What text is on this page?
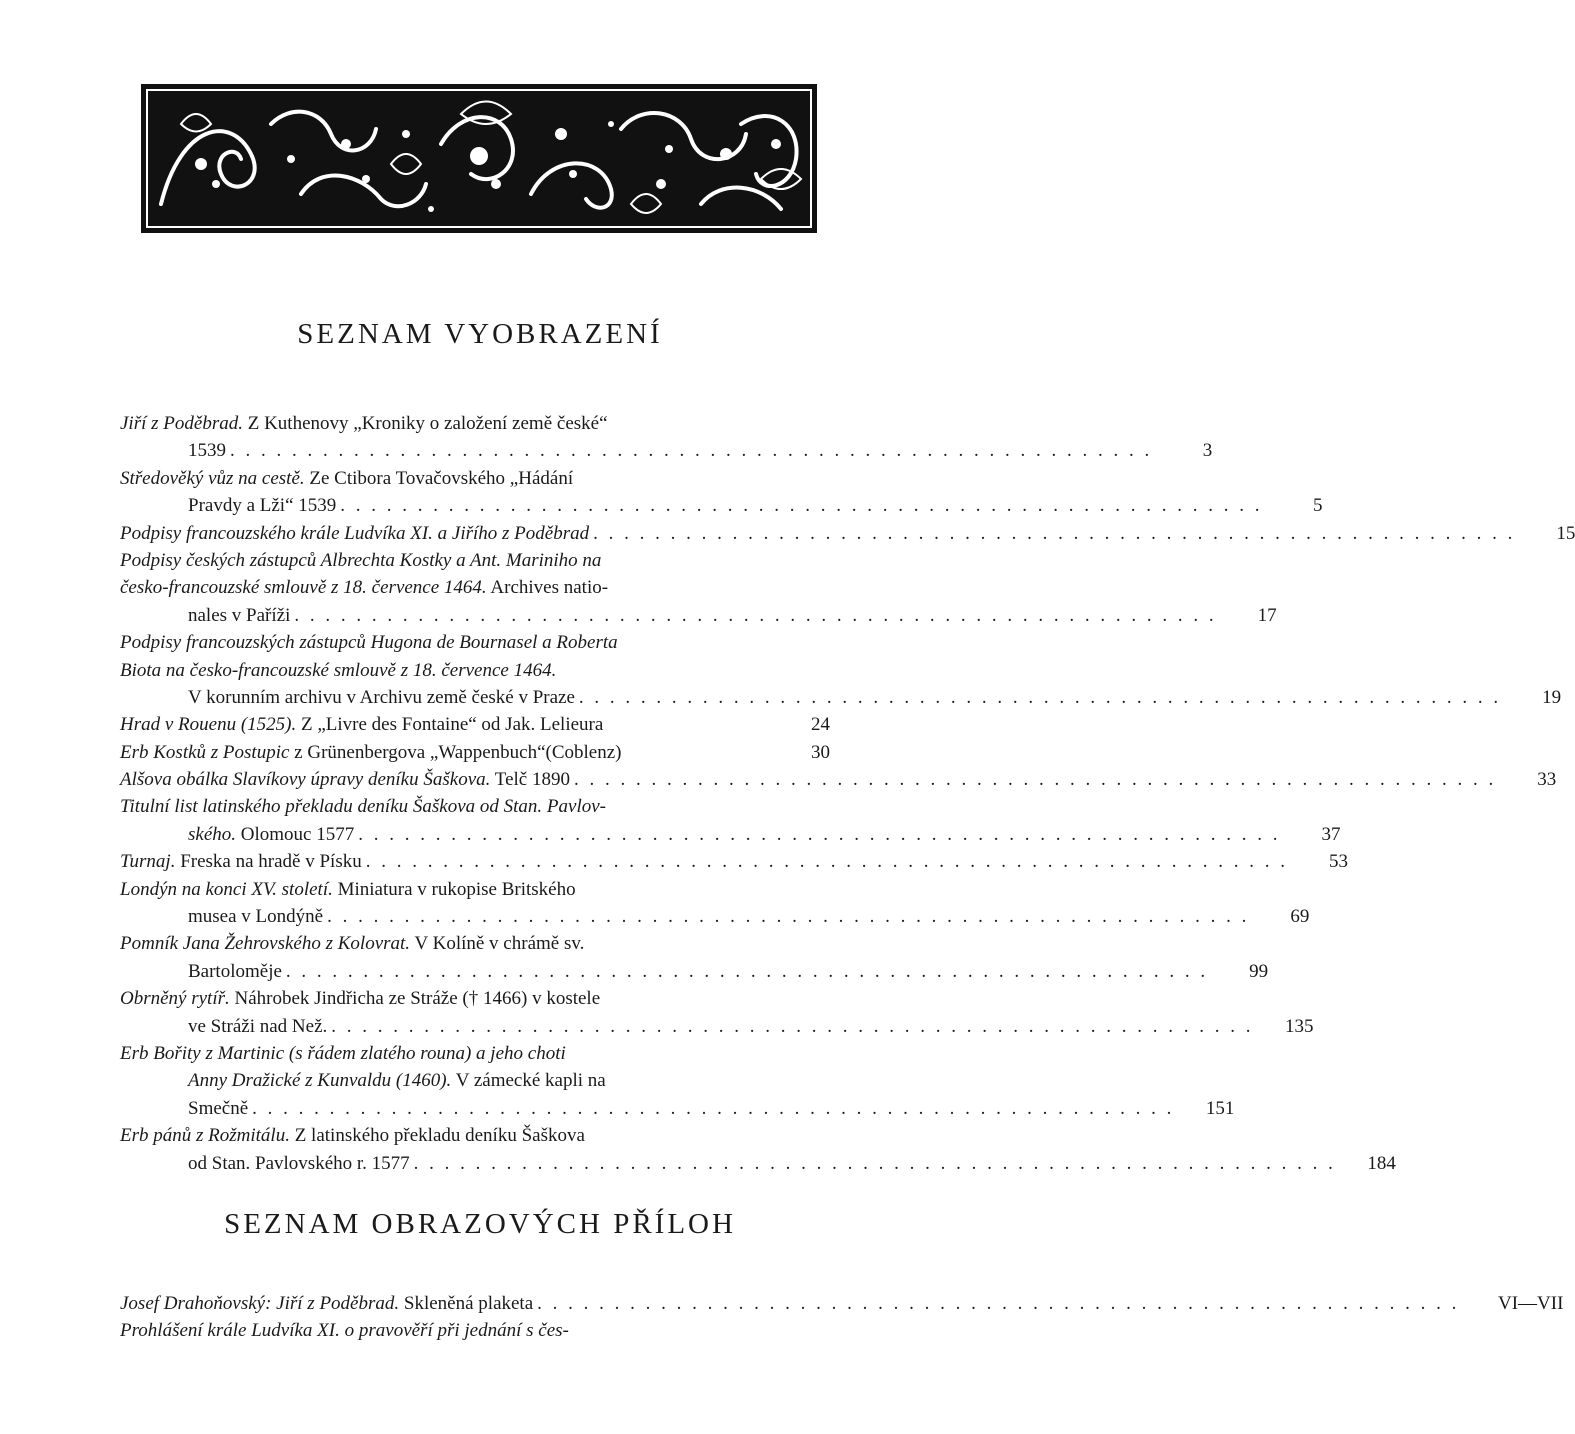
SEZNAM VYOBRAZENÍ
Jiří z Poděbrad. Z Kuthenovy „Kroniky o založení země české“
1539 . . . . . . . . . . . . . . . . . . . . . . . . . . . . . . . . . . . . . . . . . . . . . . . . . . . . . . . . . . . .	3
Středověký vůz na cestě. Ze Ctibora Tovačovského „Hádání
Pravdy a Lži“ 1539 . . . . . . . . . . . . . . . . . . . . . . . . . . . . . . . . . . . . . . . . . . . . . . . . . . . . . . . . . . . .	5
Podpisy francouzského krále Ludvíka XI. a Jiřího z Poděbrad . . . . . . . . . . . . . . . . . . . . . . . . . . . . . . . . . . . . . . . . . . . . . . . . . . . . . . . . . . . .	15
Podpisy českých zástupců Albrechta Kostky a Ant. Mariniho na
česko-francouzské smlouvě z 18. července 1464. Archives natio-
nales v Paříži . . . . . . . . . . . . . . . . . . . . . . . . . . . . . . . . . . . . . . . . . . . . . . . . . . . . . . . . . . . .	17
Podpisy francouzských zástupců Hugona de Bournasel a Roberta
Biota na česko-francouzské smlouvě z 18. července 1464.
V korunním archivu v Archivu země české v Praze . . . . . . . . . . . . . . . . . . . . . . . . . . . . . . . . . . . . . . . . . . . . . . . . . . . . . . . . . . . .	19
Hrad v Rouenu (1525). Z „Livre des Fontaine“ od Jak. Lelieura	24
Erb Kostků z Postupic z Grünenbergova „Wappenbuch“(Coblenz)	30
Alšova obálka Slavíkovy úpravy deníku Šaškova. Telč 1890 . . . . . . . . . . . . . . . . . . . . . . . . . . . . . . . . . . . . . . . . . . . . . . . . . . . . . . . . . . . .	33
Titulní list latinského překladu deníku Šaškova od Stan. Pavlov-
ského. Olomouc 1577 . . . . . . . . . . . . . . . . . . . . . . . . . . . . . . . . . . . . . . . . . . . . . . . . . . . . . . . . . . . .	37
Turnaj. Freska na hradě v Písku . . . . . . . . . . . . . . . . . . . . . . . . . . . . . . . . . . . . . . . . . . . . . . . . . . . . . . . . . . . .	53
Londýn na konci XV. století. Miniatura v rukopise Britského
musea v Londýně . . . . . . . . . . . . . . . . . . . . . . . . . . . . . . . . . . . . . . . . . . . . . . . . . . . . . . . . . . . .	69
Pomník Jana Žehrovského z Kolovrat. V Kolíně v chrámě sv.
Bartoloměje . . . . . . . . . . . . . . . . . . . . . . . . . . . . . . . . . . . . . . . . . . . . . . . . . . . . . . . . . . . .	99
Obrněný rytíř. Náhrobek Jindřicha ze Stráže († 1466) v kostele
ve Stráži nad Než. . . . . . . . . . . . . . . . . . . . . . . . . . . . . . . . . . . . . . . . . . . . . . . . . . . . . . . . . . . . .	135
Erb Bořity z Martinic (s řádem zlatého rouna) a jeho choti
Anny Dražické z Kunvaldu (1460). V zámecké kapli na
Smečně . . . . . . . . . . . . . . . . . . . . . . . . . . . . . . . . . . . . . . . . . . . . . . . . . . . . . . . . . . . .	151
Erb pánů z Rožmitálu. Z latinského překladu deníku Šaškova
od Stan. Pavlovského r. 1577 . . . . . . . . . . . . . . . . . . . . . . . . . . . . . . . . . . . . . . . . . . . . . . . . . . . . . . . . . . . .	184
SEZNAM OBRAZOVÝCH PŘÍLOH
Josef Drahoňovský: Jiří z Poděbrad. Skleněná plaketa . . . . . . . . . . . . . . . . . . . . . . . . . . . . . . . . . . . . . . . . . . . . . . . . . . . . . . . . . . . .	VI—VII
Prohlášení krále Ludvíka XI. o pravověří při jednání s čes-
